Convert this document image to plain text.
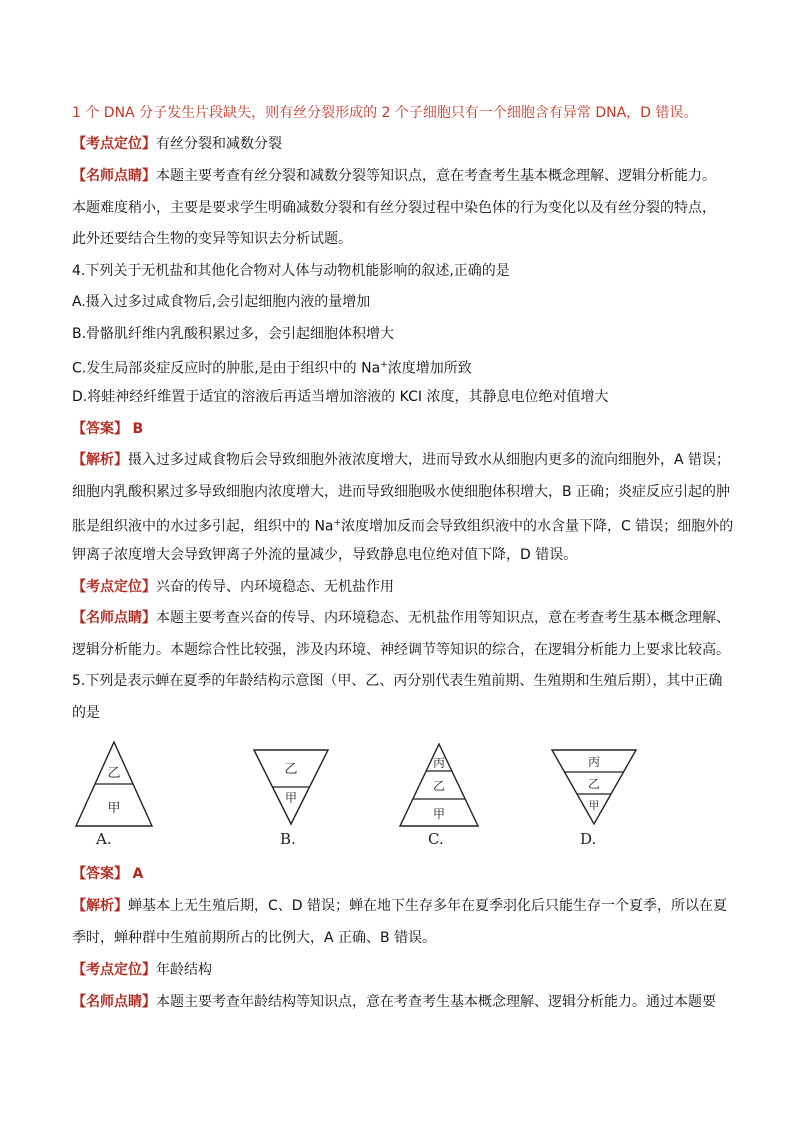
1 个 DNA 分子发生片段缺失，则有丝分裂形成的 2 个子细胞只有一个细胞含有异常 DNA，D 错误。
【考点定位】有丝分裂和减数分裂
【名师点睛】本题主要考查有丝分裂和减数分裂等知识点，意在考查考生基本概念理解、逻辑分析能力。
本题难度稍小，主要是要求学生明确减数分裂和有丝分裂过程中染色体的行为变化以及有丝分裂的特点，
此外还要结合生物的变异等知识去分析试题。
4.下列关于无机盐和其他化合物对人体与动物机能影响的叙述,正确的是
A.摄入过多过咸食物后,会引起细胞内液的量增加
B.骨骼肌纤维内乳酸积累过多，会引起细胞体积增大
C.发生局部炎症反应时的肿胀,是由于组织中的 Na+浓度增加所致
D.将蛙神经纤维置于适宜的溶液后再适当增加溶液的 KCI 浓度，其静息电位绝对值增大
【答案】 B
【解析】摄入过多过咸食物后会导致细胞外液浓度增大，进而导致水从细胞内更多的流向细胞外，A 错误；
细胞内乳酸积累过多导致细胞内浓度增大，进而导致细胞吸水使细胞体积增大，B 正确；炎症反应引起的肿
胀是组织液中的水过多引起，组织中的 Na+浓度增加反而会导致组织液中的水含量下降，C 错误；细胞外的
钾离子浓度增大会导致钾离子外流的量减少，导致静息电位绝对值下降，D 错误。
【考点定位】兴奋的传导、内环境稳态、无机盐作用
【名师点睛】本题主要考查兴奋的传导、内环境稳态、无机盐作用等知识点，意在考查考生基本概念理解、
逻辑分析能力。本题综合性比较强，涉及内环境、神经调节等知识的综合，在逻辑分析能力上要求比较高。
5.下列是表示蝉在夏季的年龄结构示意图（甲、乙、丙分别代表生殖前期、生殖期和生殖后期），其中正确
的是
乙
甲
A.
乙
甲
B.
丙
乙
甲
C.
丙
乙
甲
D.
【答案】 A
【解析】蝉基本上无生殖后期，C、D 错误；蝉在地下生存多年在夏季羽化后只能生存一个夏季，所以在夏
季时，蝉种群中生殖前期所占的比例大，A 正确、B 错误。
【考点定位】年龄结构
【名师点睛】本题主要考查年龄结构等知识点，意在考查考生基本概念理解、逻辑分析能力。通过本题要
